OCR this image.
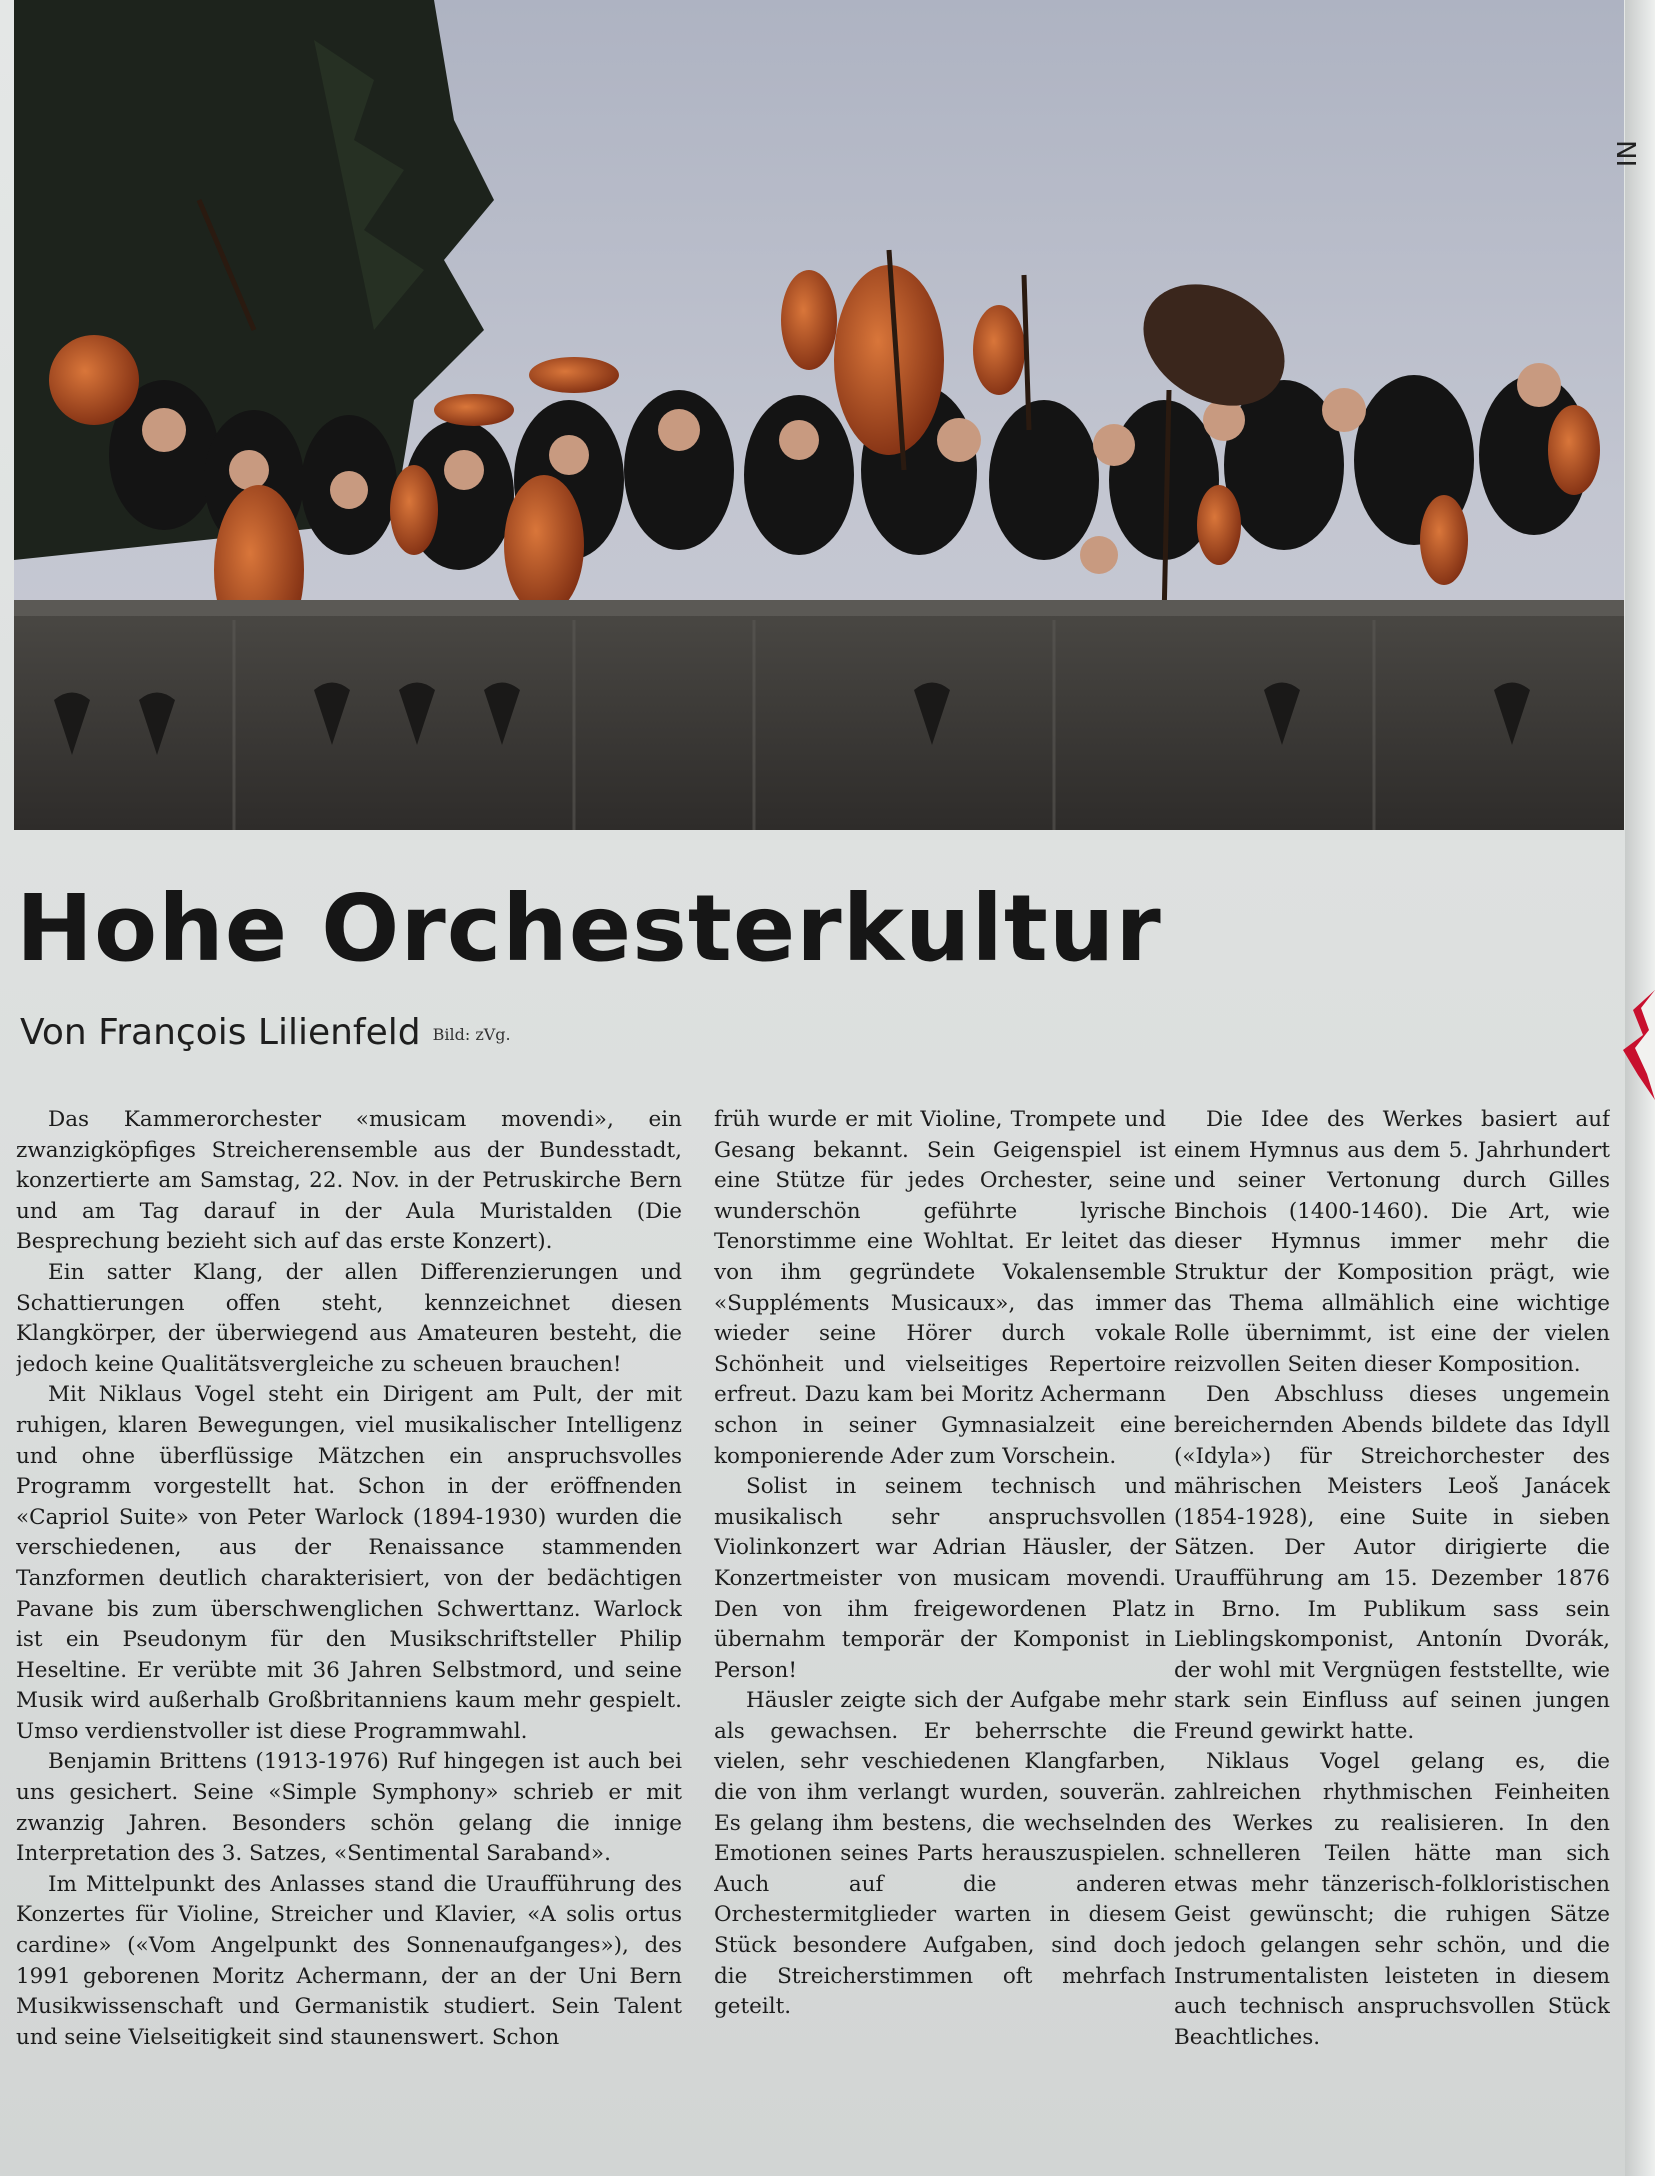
Hohe Orchesterkultur

Von François Lilienfeld Bild: zVg.

Das Kammerorchester «musicam movendi», ein zwanzigköpfiges Streicherensemble aus der Bundesstadt, konzertierte am Samstag, 22. Nov. in der Petruskirche Bern und am Tag darauf in der Aula Muristalden (Die Besprechung bezieht sich auf das erste Konzert).

Ein satter Klang, der allen Differenzierungen und Schattierungen offen steht, kennzeichnet diesen Klangkörper, der überwiegend aus Amateuren besteht, die jedoch keine Qualitätsvergleiche zu scheuen brauchen!

Mit Niklaus Vogel steht ein Dirigent am Pult, der mit ruhigen, klaren Bewegungen, viel musikalischer Intelligenz und ohne überflüssige Mätzchen ein anspruchsvolles Programm vorgestellt hat. Schon in der eröffnenden «Capriol Suite» von Peter Warlock (1894-1930) wurden die verschiedenen, aus der Renaissance stammenden Tanzformen deutlich charakterisiert, von der bedächtigen Pavane bis zum überschwenglichen Schwerttanz. Warlock ist ein Pseudonym für den Musikschriftsteller Philip Heseltine. Er verübte mit 36 Jahren Selbstmord, und seine Musik wird außerhalb Großbritanniens kaum mehr gespielt. Umso verdienstvoller ist diese Programmwahl.

Benjamin Brittens (1913-1976) Ruf hingegen ist auch bei uns gesichert. Seine «Simple Symphony» schrieb er mit zwanzig Jahren. Besonders schön gelang die innige Interpretation des 3. Satzes, «Sentimental Saraband».

Im Mittelpunkt des Anlasses stand die Uraufführung des Konzertes für Violine, Streicher und Klavier, «A solis ortus cardine» («Vom Angelpunkt des Sonnenaufganges»), des 1991 geborenen Moritz Achermann, der an der Uni Bern Musikwissenschaft und Germanistik studiert. Sein Talent und seine Vielseitigkeit sind staunenswert. Schon

früh wurde er mit Violine, Trompete und Gesang bekannt. Sein Geigenspiel ist eine Stütze für jedes Orchester, seine wunderschön geführte lyrische Tenorstimme eine Wohltat. Er leitet das von ihm gegründete Vokalensemble «Suppléments Musicaux», das immer wieder seine Hörer durch vokale Schönheit und vielseitiges Repertoire erfreut. Dazu kam bei Moritz Achermann schon in seiner Gymnasialzeit eine komponierende Ader zum Vorschein.

Solist in seinem technisch und musikalisch sehr anspruchsvollen Violinkonzert war Adrian Häusler, der Konzertmeister von musicam movendi. Den von ihm freigewordenen Platz übernahm temporär der Komponist in Person!

Häusler zeigte sich der Aufgabe mehr als gewachsen. Er beherrschte die vielen, sehr veschiedenen Klangfarben, die von ihm verlangt wurden, souverän. Es gelang ihm bestens, die wechselnden Emotionen seines Parts herauszuspielen. Auch auf die anderen Orchestermitglieder warten in diesem Stück besondere Aufgaben, sind doch die Streicherstimmen oft mehrfach geteilt.

Die Idee des Werkes basiert auf einem Hymnus aus dem 5. Jahrhundert und seiner Vertonung durch Gilles Binchois (1400-1460). Die Art, wie dieser Hymnus immer mehr die Struktur der Komposition prägt, wie das Thema allmählich eine wichtige Rolle übernimmt, ist eine der vielen reizvollen Seiten dieser Komposition.

Den Abschluss dieses ungemein bereichernden Abends bildete das Idyll («Idyla») für Streichorchester des mährischen Meisters Leoš Janácek (1854-1928), eine Suite in sieben Sätzen. Der Autor dirigierte die Uraufführung am 15. Dezember 1876 in Brno. Im Publikum sass sein Lieblingskomponist, Antonín Dvorák, der wohl mit Vergnügen feststellte, wie stark sein Einfluss auf seinen jungen Freund gewirkt hatte.

Niklaus Vogel gelang es, die zahlreichen rhythmischen Feinheiten des Werkes zu realisieren. In den schnelleren Teilen hätte man sich etwas mehr tänzerisch-folkloristischen Geist gewünscht; die ruhigen Sätze jedoch gelangen sehr schön, und die Instrumentalisten leisteten in diesem auch technisch anspruchsvollen Stück Beachtliches.

IN
